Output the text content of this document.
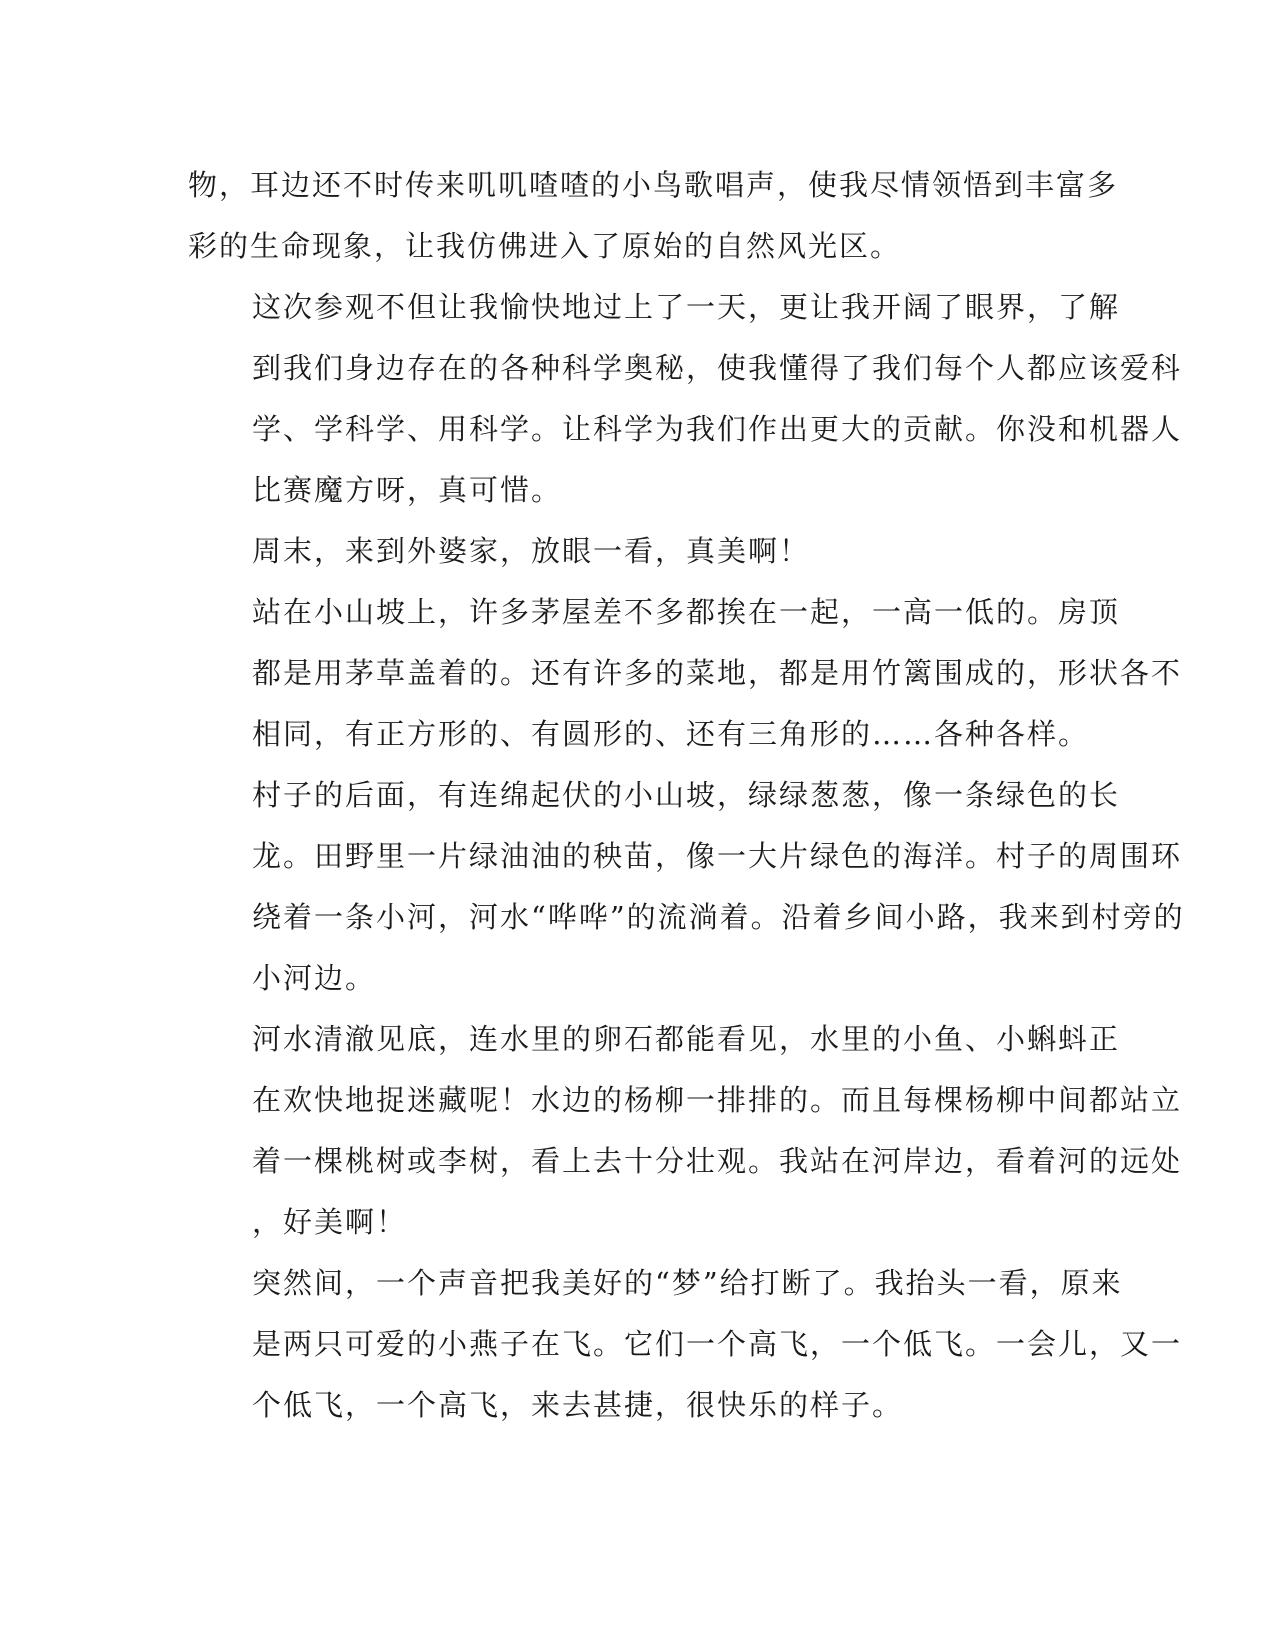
物，耳边还不时传来叽叽喳喳的小鸟歌唱声，使我尽情领悟到丰富多
彩的生命现象，让我仿佛进入了原始的自然风光区。

这次参观不但让我愉快地过上了一天，更让我开阔了眼界，了解
到我们身边存在的各种科学奥秘，使我懂得了我们每个人都应该爱科
学、学科学、用科学。让科学为我们作出更大的贡献。你没和机器人
比赛魔方呀，真可惜。

周末，来到外婆家，放眼一看，真美啊！

站在小山坡上，许多茅屋差不多都挨在一起，一高一低的。房顶
都是用茅草盖着的。还有许多的菜地，都是用竹篱围成的，形状各不
相同，有正方形的、有圆形的、还有三角形的……各种各样。

村子的后面，有连绵起伏的小山坡，绿绿葱葱，像一条绿色的长
龙。田野里一片绿油油的秧苗，像一大片绿色的海洋。村子的周围环
绕着一条小河，河水“哗哗”的流淌着。沿着乡间小路，我来到村旁的
小河边。

河水清澈见底，连水里的卵石都能看见，水里的小鱼、小蝌蚪正
在欢快地捉迷藏呢！水边的杨柳一排排的。而且每棵杨柳中间都站立
着一棵桃树或李树，看上去十分壮观。我站在河岸边，看着河的远处
，好美啊！

突然间，一个声音把我美好的“梦”给打断了。我抬头一看，原来
是两只可爱的小燕子在飞。它们一个高飞，一个低飞。一会儿，又一
个低飞，一个高飞，来去甚捷，很快乐的样子。
